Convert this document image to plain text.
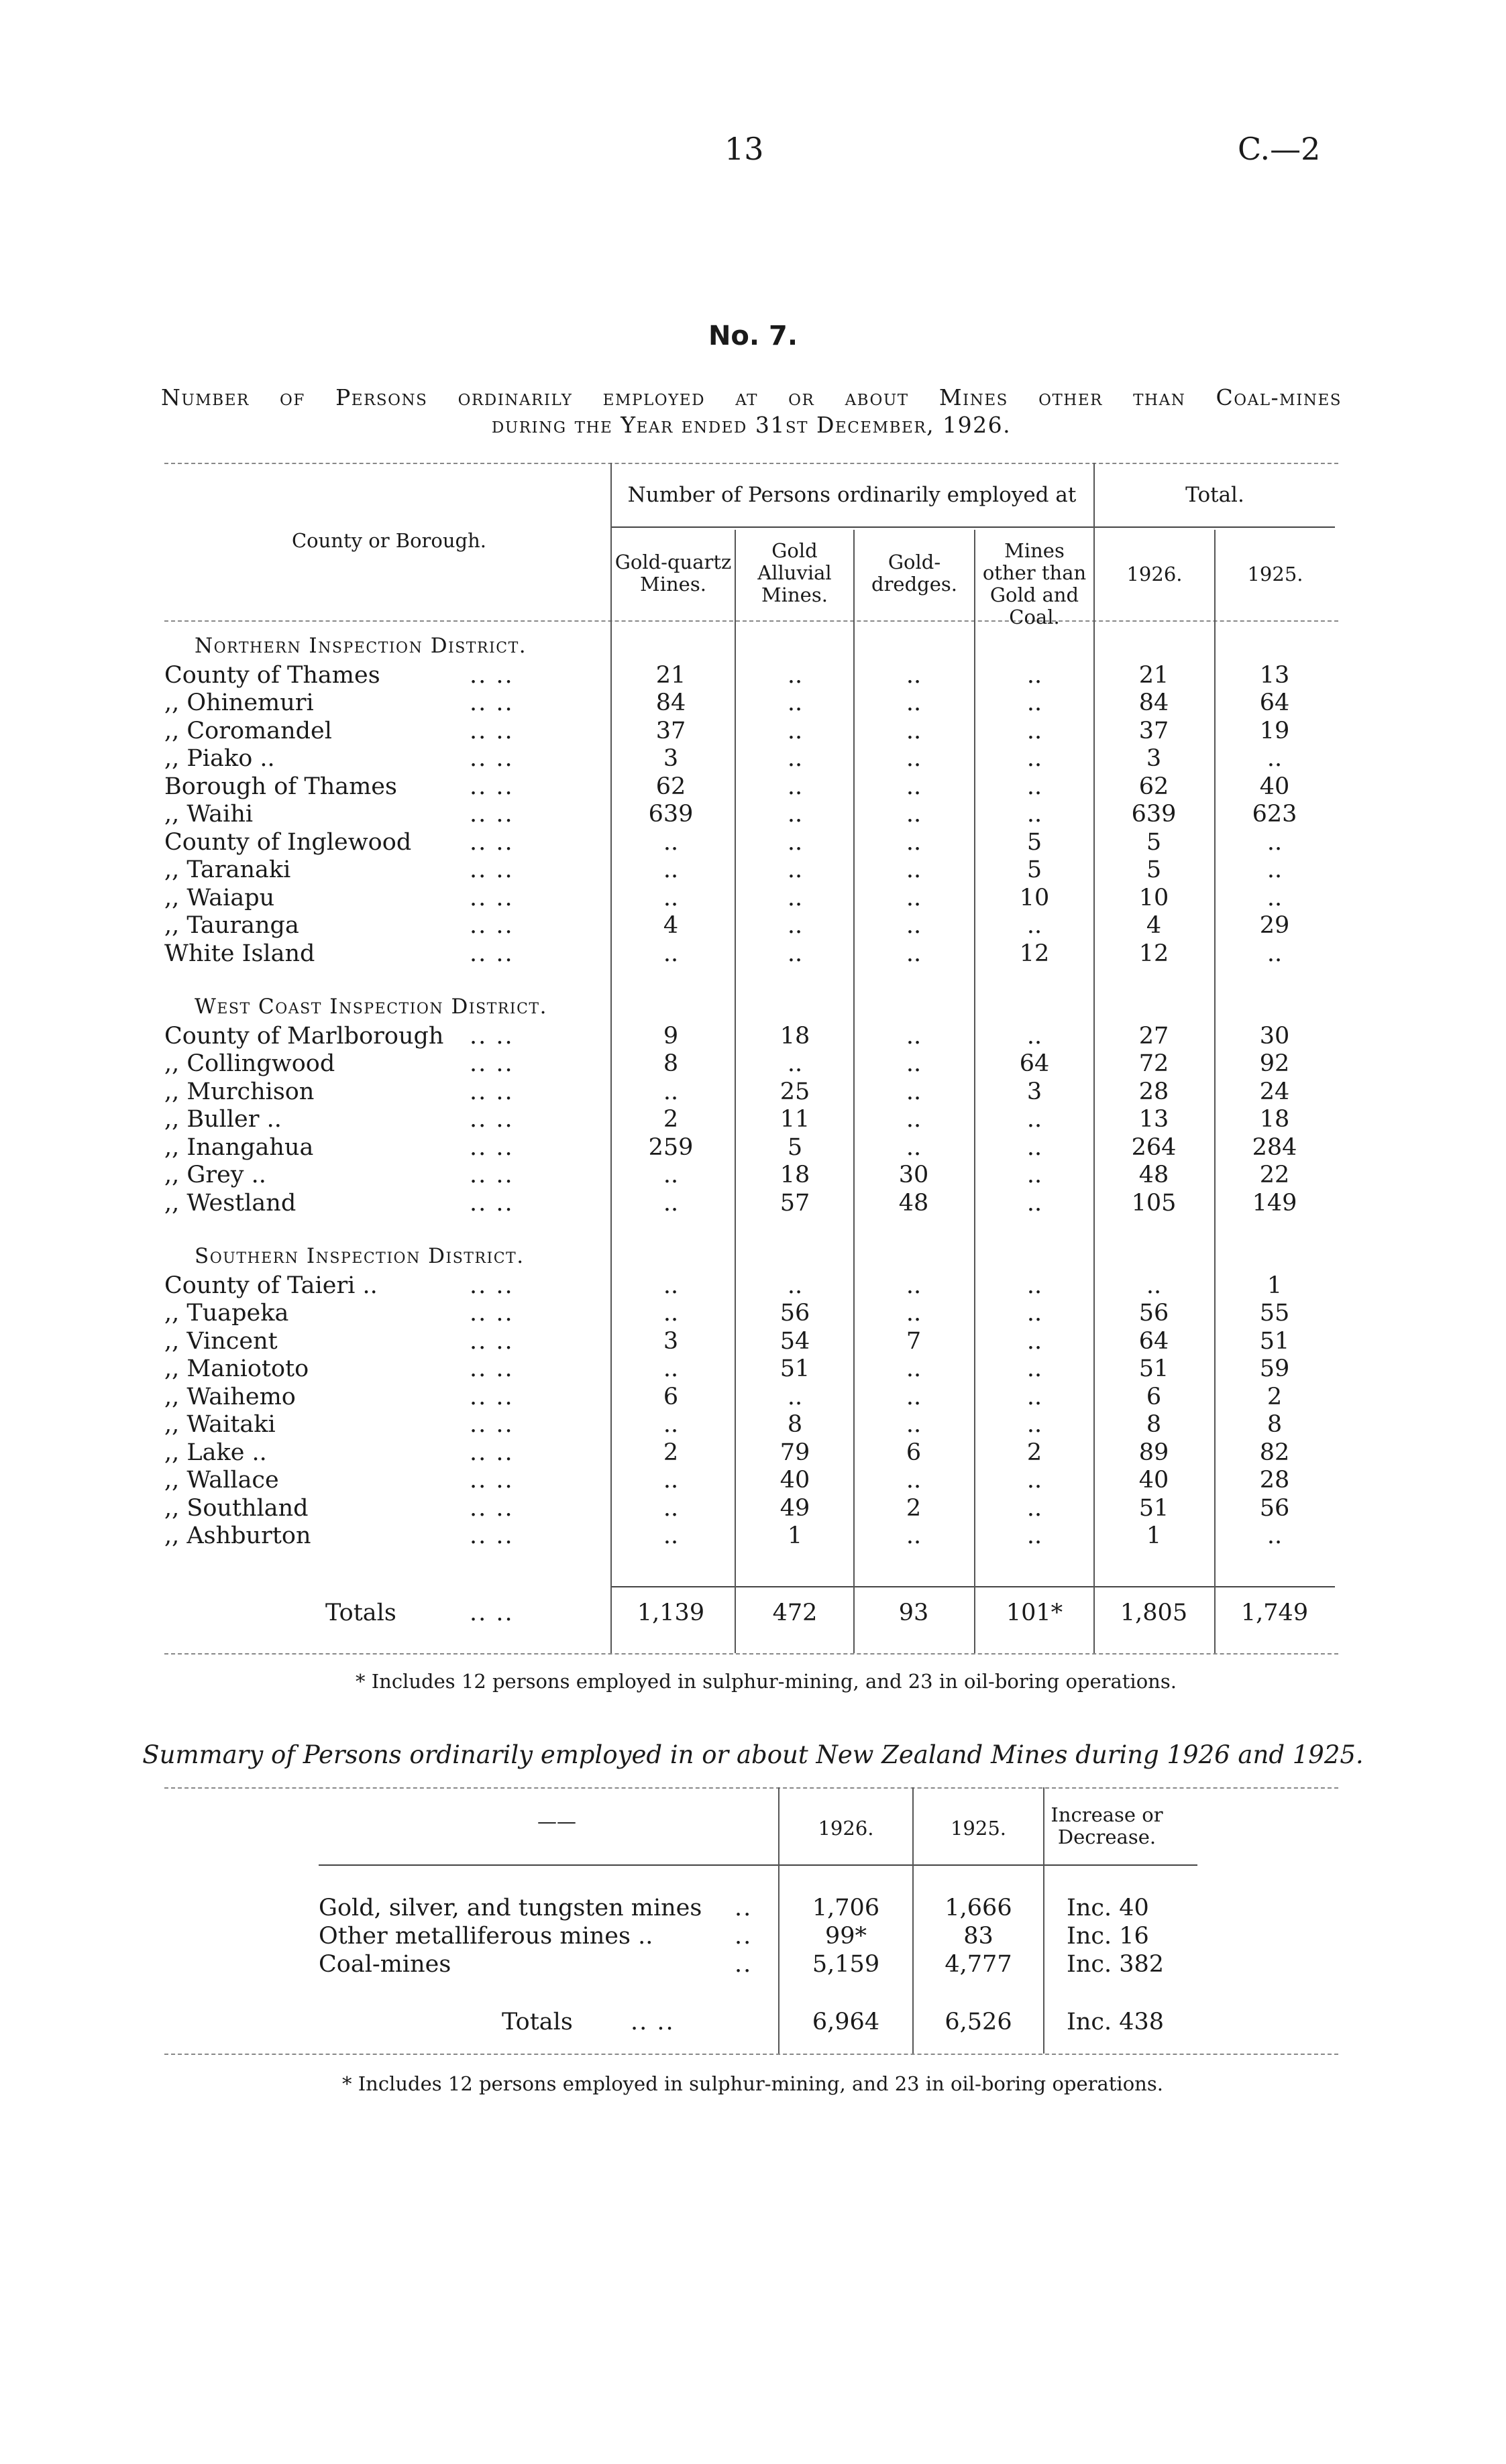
13	C.—2
No. 7.
Number of Persons ordinarily employed at or about Mines other than Coal-mines
during the Year ended 31st December, 1926.
County or Borough.
Number of Persons ordinarily employed at	Total.
Gold-quartz Mines.
Gold Alluvial Mines.
Gold-dredges.
Mines other than Gold and Coal.
1926.	1925.
Northern Inspection District.
County of Thames	.. ..	21	..	..	..	21	13
,, Ohinemuri	.. ..	84	..	..	..	84	64
,, Coromandel	.. ..	37	..	..	..	37	19
,, Piako ..	.. ..	3	..	..	..	3	..
Borough of Thames	.. ..	62	..	..	..	62	40
,, Waihi	.. ..	639	..	..	..	639	623
County of Inglewood .. ..	..	..	..	5	5	..
,, Taranaki	.. ..	..	..	..	5	5	..
,, Waiapu	.. ..	..	..	..	10	10	..
,, Tauranga	.. ..	4	..	..	..	4	29
White Island	.. ..	..	..	..	12	12	..
West Coast Inspection District.
County of Marlborough .. ..	9	18	..	..	27	30
,, Collingwood	.. ..	8	..	..	64	72	92
,, Murchison	.. ..	..	25	..	3	28	24
,, Buller ..	.. ..	2	11	..	..	13	18
,, Inangahua	.. ..	259	5	..	..	264	284
,, Grey ..	.. ..	..	18	30	..	48	22
,, Westland	.. ..	..	57	48	..	105	149
Southern Inspection District.
County of Taieri ..	.. ..	..	..	..	..	..	1
,, Tuapeka	.. ..	..	56	..	..	56	55
,, Vincent	.. ..	3	54	7	..	64	51
,, Maniototo	.. ..	..	51	..	..	51	59
,, Waihemo	.. ..	6	..	..	..	6	2
,, Waitaki	.. ..	..	8	..	..	8	8
,, Lake ..	.. ..	2	79	6	2	89	82
,, Wallace	.. ..	..	40	..	..	40	28
,, Southland	.. ..	..	49	2	..	51	56
,, Ashburton	.. ..	..	1	..	..	1	..
Totals	.. ..	1,139	472	93	101*	1,805	1,749
* Includes 12 persons employed in sulphur-mining, and 23 in oil-boring operations.
Summary of Persons ordinarily employed in or about New Zealand Mines during 1926 and 1925.
——	1926.	1925.
Increase or Decrease.
Gold, silver, and tungsten mines ..	1,706	1,666	Inc. 40
Other metalliferous mines ..	..	99*	83	Inc. 16
Coal-mines	..	5,159	4,777	Inc. 382
Totals .. ..	6,964	6,526	Inc. 438
* Includes 12 persons employed in sulphur-mining, and 23 in oil-boring operations.
